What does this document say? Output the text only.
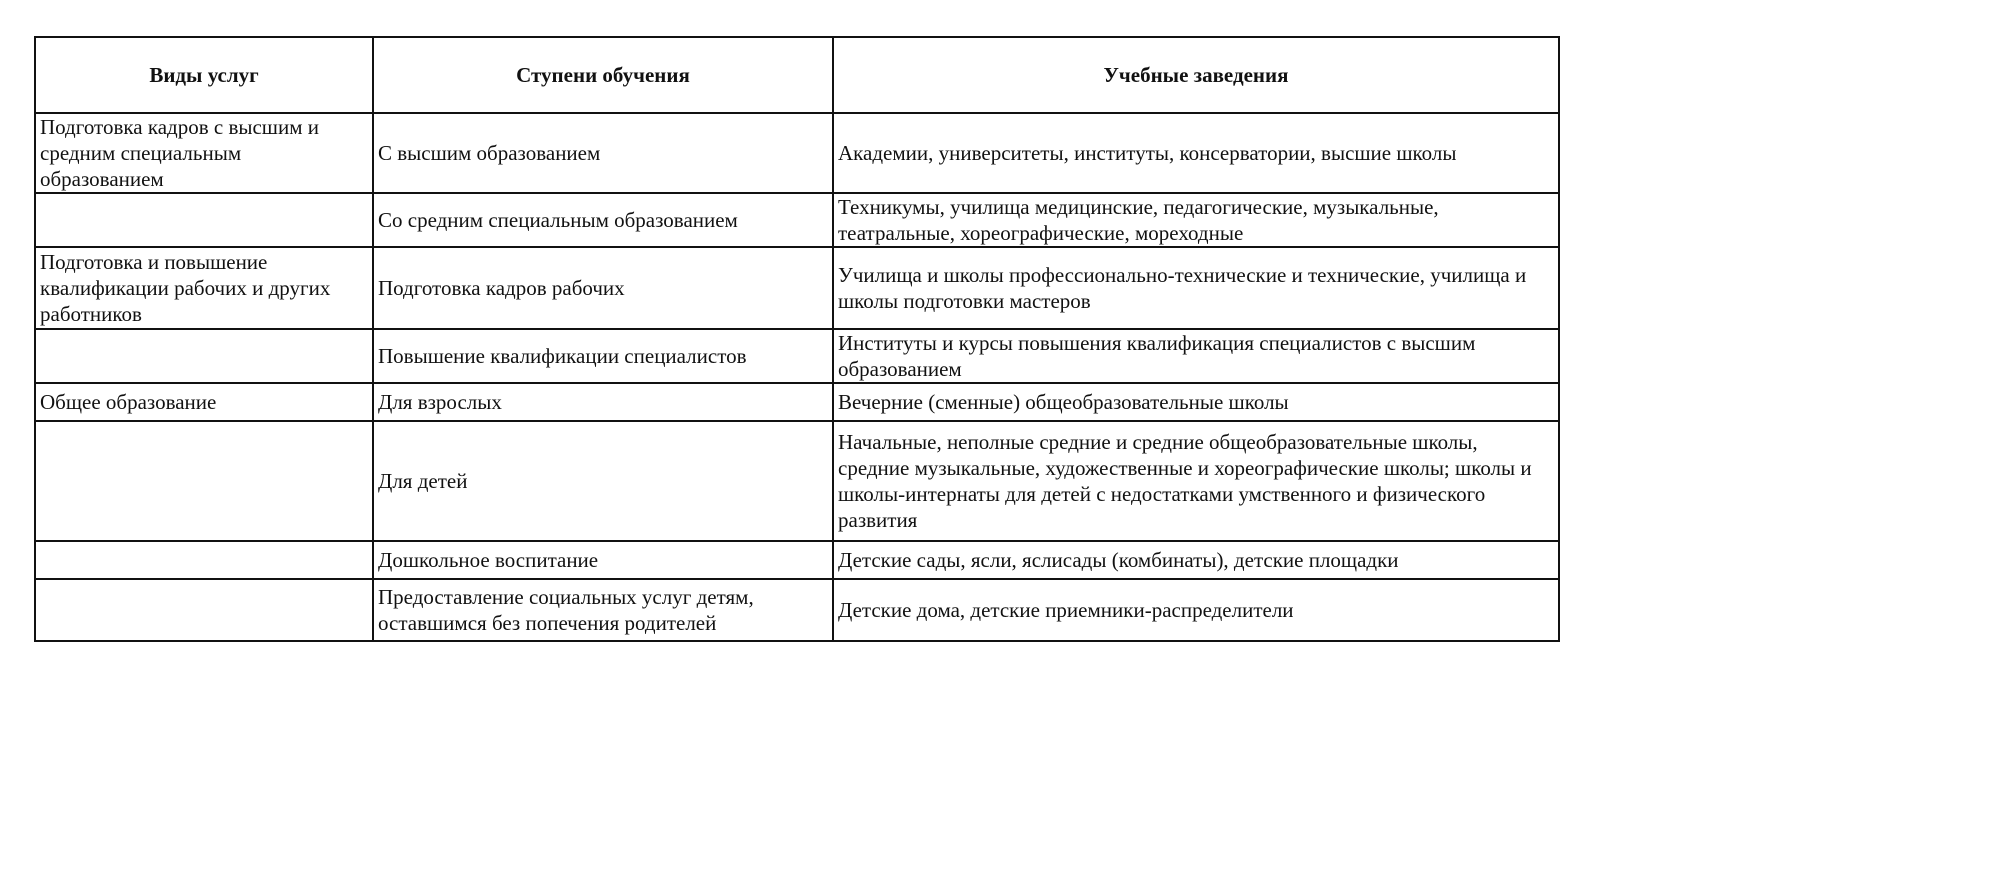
Виды услуг	Ступени обучения	Учебные заведения
Подготовка кадров с высшим и средним специальным образованием	С высшим образованием	Академии, университеты, институты, консерватории, высшие школы
	Со средним специальным образованием	Техникумы, училища медицинские, педагогические, музыкальные, театральные, хореографические, мореходные
Подготовка и повышение квалификации рабочих и других работников	Подготовка кадров рабочих	Училища и школы профессионально-технические и технические, училища и школы подготовки мастеров
	Повышение квалификации специалистов	Институты и курсы повышения квалификация специалистов с высшим образованием
Общее образование	Для взрослых	Вечерние (сменные) общеобразовательные школы
	Для детей	Начальные, неполные средние и средние общеобразовательные школы, средние музыкальные, художественные и хореографические школы; школы и школы-интернаты для детей с недостатками умственного и физического развития
	Дошкольное воспитание	Детские сады, ясли, яслисады (комбинаты), детские площадки
	Предоставление социальных услуг детям, оставшимся без попечения родителей	Детские дома, детские приемники-распределители
